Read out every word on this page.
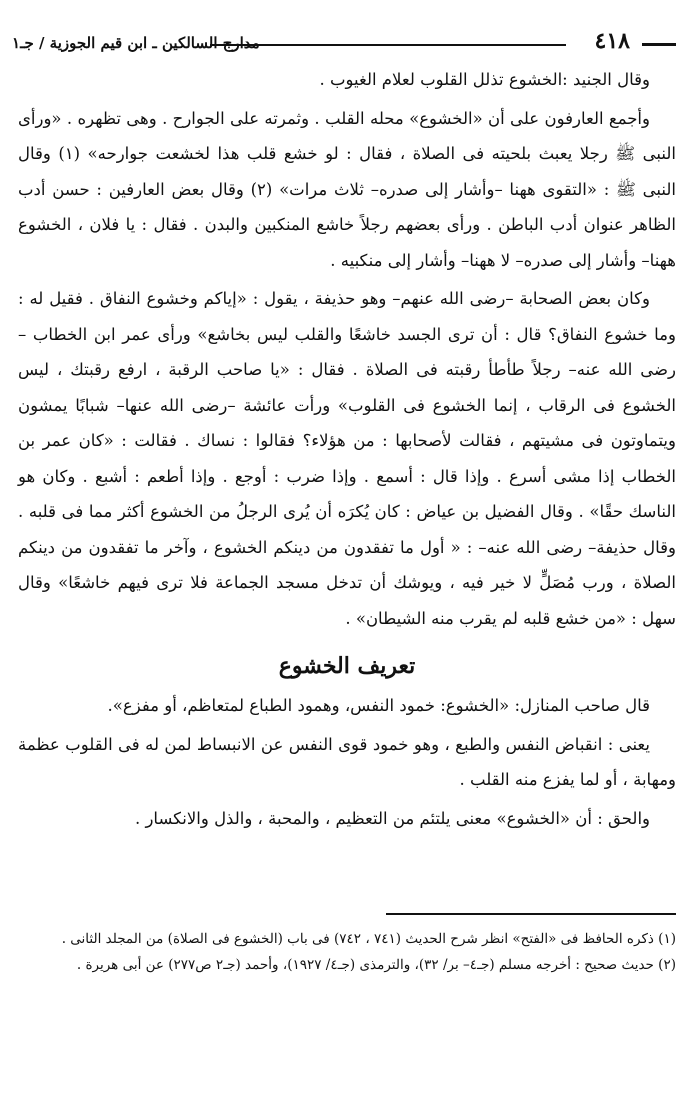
مدارج السالكين ـ ابن قيم الجوزية / جـ١	٤١٨

وقال الجنيد :الخشوع تذلل القلوب لعلام الغيوب .

وأجمع العارفون على أن «الخشوع» محله القلب . وثمرته على الجوارح . وهى تظهره . «ورأى النبى ﷺ رجلا يعبث بلحيته فى الصلاة ، فقال : لو خشع قلب هذا لخشعت جوارحه» (١) وقال النبى ﷺ : «التقوى ههنا –وأشار إلى صدره– ثلاث مرات» (٢) وقال بعض العارفين : حسن أدب الظاهر عنوان أدب الباطن . ورأى بعضهم رجلاً خاشع المنكبين والبدن . فقال : يا فلان ، الخشوع ههنا– وأشار إلى صدره– لا ههنا– وأشار إلى منكبيه .

وكان بعض الصحابة –رضى الله عنهم– وهو حذيفة ، يقول : «إياكم وخشوع النفاق . فقيل له : وما خشوع النفاق؟ قال : أن ترى الجسد خاشعًا والقلب ليس بخاشع» ورأى عمر ابن الخطاب –رضى الله عنه– رجلاً طأطأ رقبته فى الصلاة . فقال : «يا صاحب الرقبة ، ارفع رقبتك ، ليس الخشوع فى الرقاب ، إنما الخشوع فى القلوب» ورأت عائشة –رضى الله عنها– شبابًا يمشون ويتماوتون فى مشيتهم ، فقالت لأصحابها : من هؤلاء؟ فقالوا : نساك . فقالت : «كان عمر بن الخطاب إذا مشى أسرع . وإذا قال : أسمع . وإذا ضرب : أوجع . وإذا أطعم : أشبع . وكان هو الناسك حقًا» . وقال الفضيل بن عياض : كان يُكرَه أن يُرى الرجلُ من الخشوع أكثر مما فى قلبه . وقال حذيفة– رضى الله عنه– : « أول ما تفقدون من دينكم الخشوع ، وآخر ما تفقدون من دينكم الصلاة ، ورب مُصَلٍّ لا خير فيه ، ويوشك أن تدخل مسجد الجماعة فلا ترى فيهم خاشعًا» وقال سهل : «من خشع قلبه لم يقرب منه الشيطان» .

تعريف الخشوع

قال صاحب المنازل: «الخشوع: خمود النفس، وهمود الطباع لمتعاظم، أو مفزع».

يعنى : انقباض النفس والطبع ، وهو خمود قوى النفس عن الانبساط لمن له فى القلوب عظمة ومهابة ، أو لما يفزع منه القلب .

والحق : أن «الخشوع» معنى يلتئم من التعظيم ، والمحبة ، والذل والانكسار .

(١) ذكره الحافظ فى «الفتح» انظر شرح الحديث (٧٤١ ، ٧٤٢) فى باب (الخشوع فى الصلاة) من المجلد الثانى .

(٢) حديث صحيح : أخرجه مسلم (جـ٤– بر/ ٣٢)، والترمذى (جـ٤/ ١٩٢٧)، وأحمد (جـ٢ ص٢٧٧) عن أبى هريرة .
